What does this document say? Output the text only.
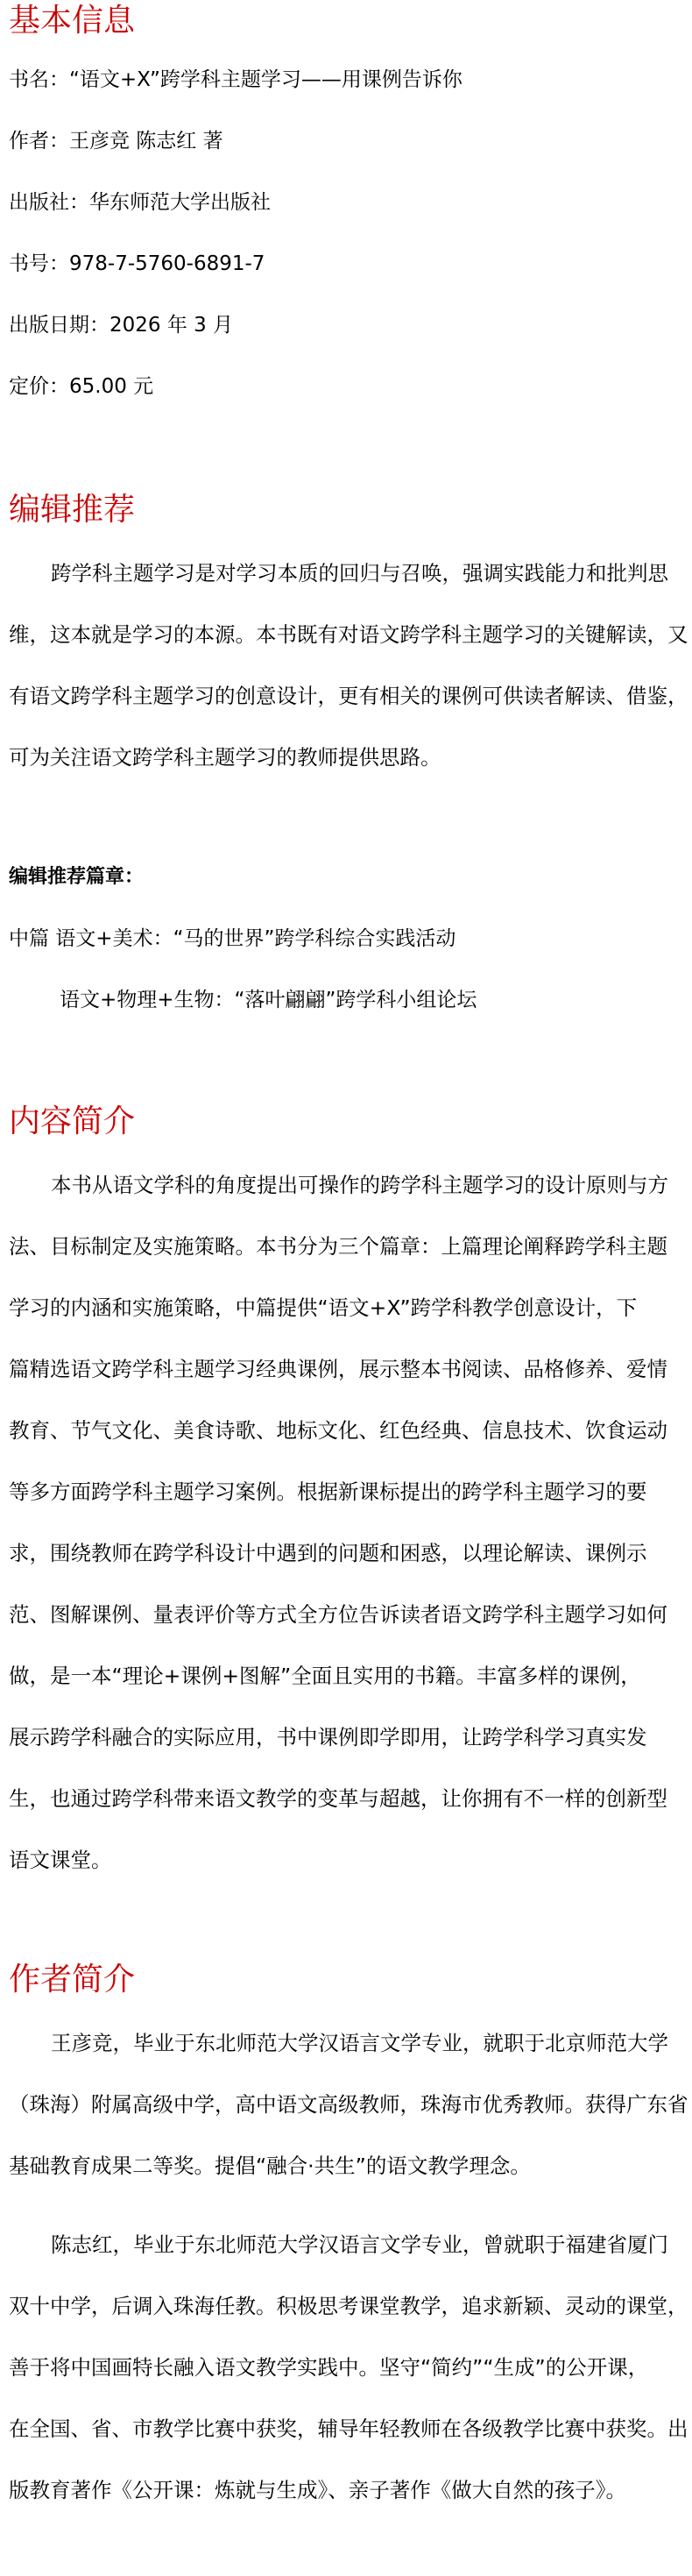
基本信息

书名：“语文+X”跨学科主题学习——用课例告诉你

作者：王彦竞 陈志红 著

出版社：华东师范大学出版社

书号：978-7-5760-6891-7

出版日期：2026 年 3 月

定价：65.00 元

编辑推荐

跨学科主题学习是对学习本质的回归与召唤，强调实践能力和批判思

维，这本就是学习的本源。本书既有对语文跨学科主题学习的关键解读，又

有语文跨学科主题学习的创意设计，更有相关的课例可供读者解读、借鉴，

可为关注语文跨学科主题学习的教师提供思路。

编辑推荐篇章：

中篇 语文+美术：“马的世界”跨学科综合实践活动

语文+物理+生物：“落叶翩翩”跨学科小组论坛

内容简介

本书从语文学科的角度提出可操作的跨学科主题学习的设计原则与方

法、目标制定及实施策略。本书分为三个篇章：上篇理论阐释跨学科主题

学习的内涵和实施策略，中篇提供“语文+X”跨学科教学创意设计，下

篇精选语文跨学科主题学习经典课例，展示整本书阅读、品格修养、爱情

教育、节气文化、美食诗歌、地标文化、红色经典、信息技术、饮食运动

等多方面跨学科主题学习案例。根据新课标提出的跨学科主题学习的要

求，围绕教师在跨学科设计中遇到的问题和困惑，以理论解读、课例示

范、图解课例、量表评价等方式全方位告诉读者语文跨学科主题学习如何

做，是一本“理论+课例+图解”全面且实用的书籍。丰富多样的课例，

展示跨学科融合的实际应用，书中课例即学即用，让跨学科学习真实发

生，也通过跨学科带来语文教学的变革与超越，让你拥有不一样的创新型

语文课堂。

作者简介

王彦竞，毕业于东北师范大学汉语言文学专业，就职于北京师范大学

（珠海）附属高级中学，高中语文高级教师，珠海市优秀教师。获得广东省

基础教育成果二等奖。提倡“融合·共生”的语文教学理念。

陈志红，毕业于东北师范大学汉语言文学专业，曾就职于福建省厦门

双十中学，后调入珠海任教。积极思考课堂教学，追求新颖、灵动的课堂，

善于将中国画特长融入语文教学实践中。坚守“简约”“生成”的公开课，

在全国、省、市教学比赛中获奖，辅导年轻教师在各级教学比赛中获奖。出

版教育著作《公开课：炼就与生成》、亲子著作《做大自然的孩子》。
